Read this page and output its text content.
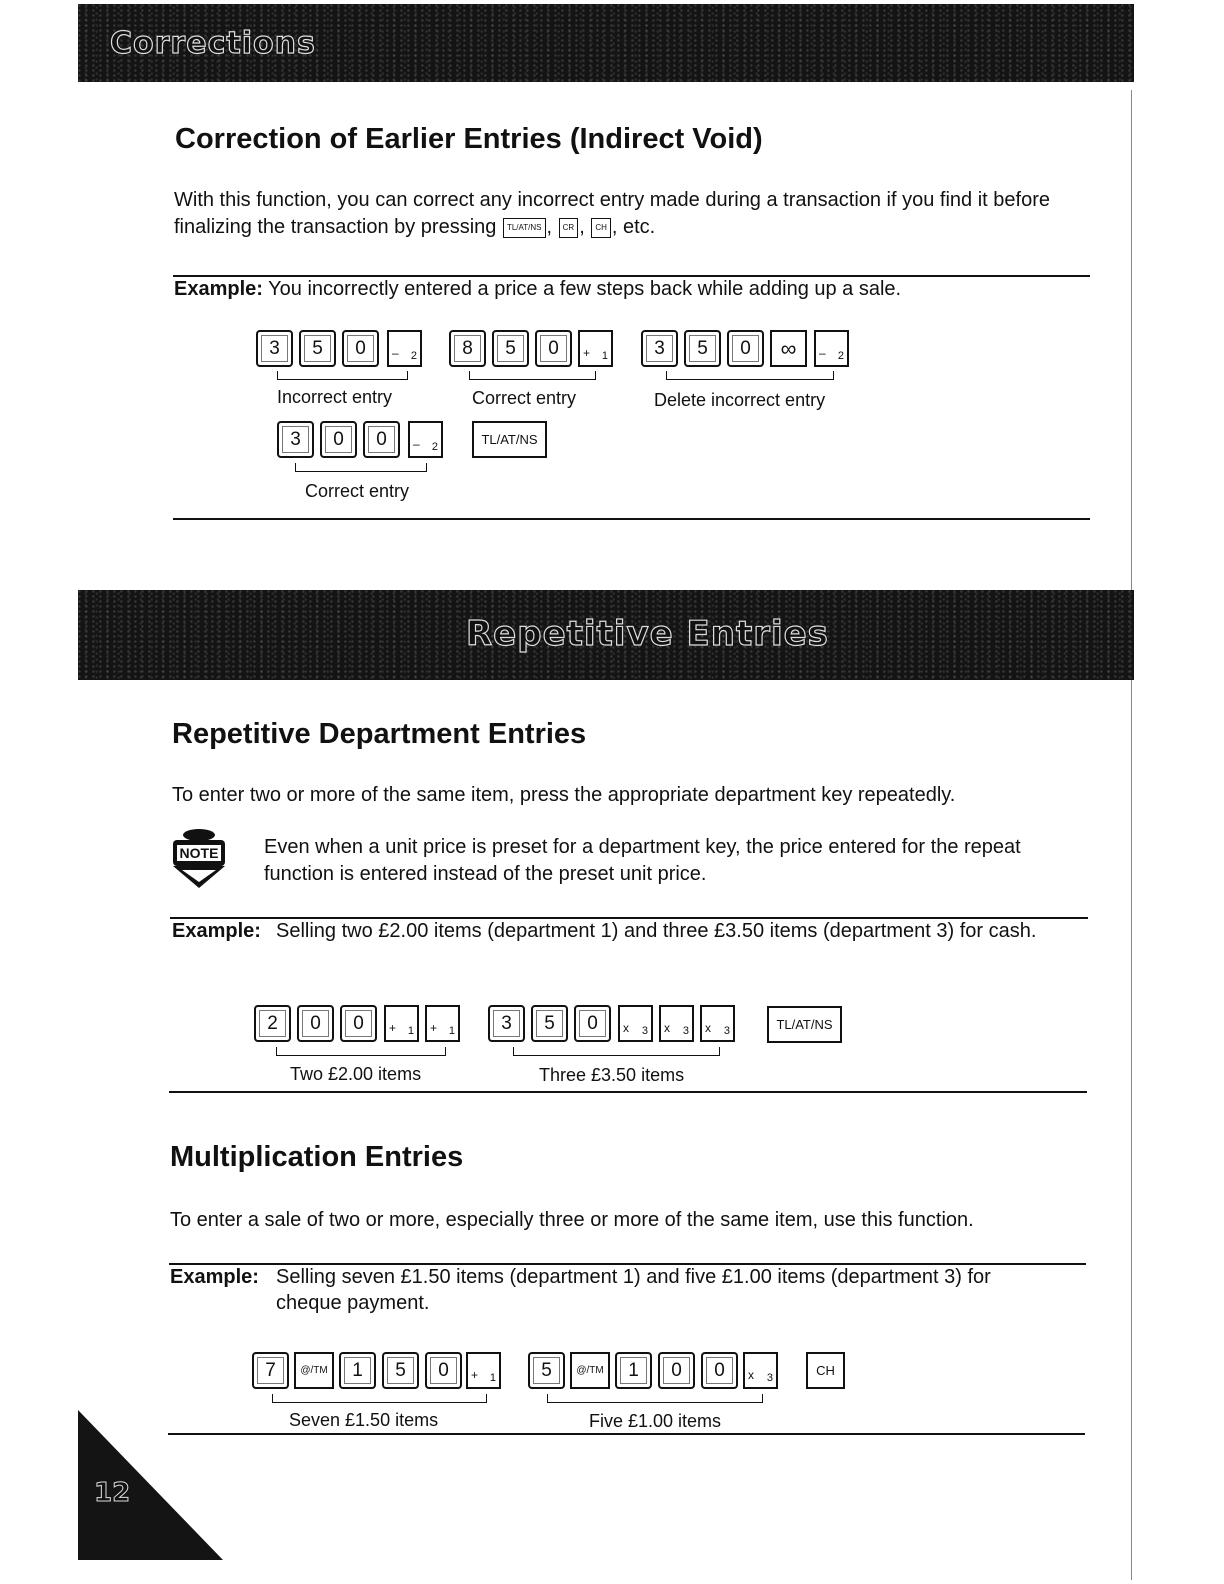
Corrections
Correction of Earlier Entries (Indirect Void)

With this function, you can correct any incorrect entry made during a transaction if you find it before finalizing the transaction by pressing TL/AT/NS , CR , CH , etc.

Example: You incorrectly entered a price a few steps back while adding up a sale.
3	5	0	– 2	8	5	0	+ 1	3	5	0	∞	– 2
Incorrect entry	Correct entry	Delete incorrect entry
3	0	0	– 2	TL/AT/NS
Correct entry
Repetitive Entries
Repetitive Department Entries

To enter two or more of the same item, press the appropriate department key repeatedly.

NOTE Even when a unit price is preset for a department key, the price entered for the repeat function is entered instead of the preset unit price.

Example: Selling two £2.00 items (department 1) and three £3.50 items (department 3) for cash.
2	0	0	+ 1 + 1	3	5	0	x 3 x 3 x 3	TL/AT/NS
Two £2.00 items	Three £3.50 items
Multiplication Entries

To enter a sale of two or more, especially three or more of the same item, use this function.

Example: Selling seven £1.50 items (department 1) and five £1.00 items (department 3) for cheque payment.
7	@/TM	1	5	0	+ 1	5	@/TM	1	0	0	x 3	CH
Seven £1.50 items	Five £1.00 items
12
